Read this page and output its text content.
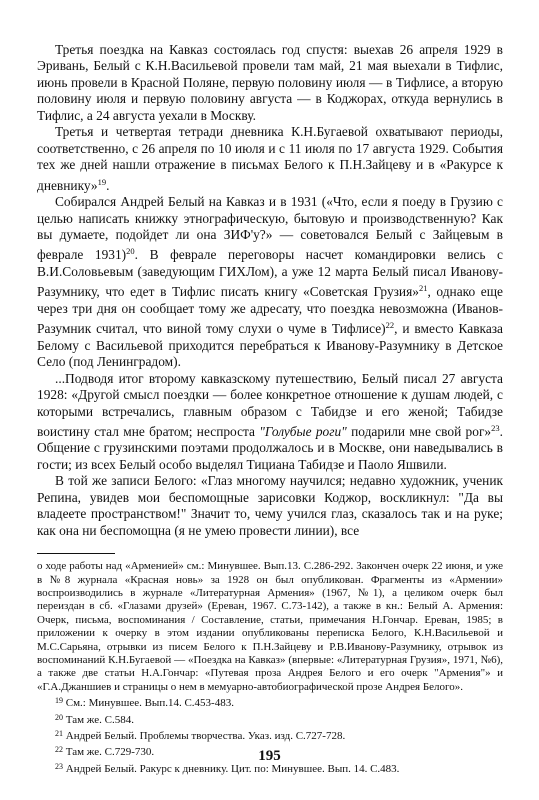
Третья поездка на Кавказ состоялась год спустя: выехав 26 апреля 1929 в Эривань, Белый с К.Н.Васильевой провели там май, 21 мая выехали в Тифлис, июнь провели в Красной Поляне, первую половину июля — в Тифлисе, а вторую половину июля и первую половину августа — в Коджорах, откуда вернулись в Тифлис, а 24 августа уехали в Москву.

Третья и четвертая тетради дневника К.Н.Бугаевой охватывают периоды, соответственно, с 26 апреля по 10 июля и с 11 июля по 17 августа 1929. События тех же дней нашли отражение в письмах Белого к П.Н.Зайцеву и в «Ракурсе к дневнику»$^{19}$.

Собирался Андрей Белый на Кавказ и в 1931 («Что, если я поеду в Грузию с целью написать книжку этнографическую, бытовую и производственную? Как вы думаете, подойдет ли она ЗИФ'у?» — советовался Белый с Зайцевым в феврале 1931)$^{20}$. В феврале переговоры насчет командировки велись с В.И.Соловьевым (заведующим ГИХЛом), а уже 12 марта Белый писал Иванову-Разумнику, что едет в Тифлис писать книгу «Советская Грузия»$^{21}$, однако еще через три дня он сообщает тому же адресату, что поездка невозможна (Иванов-Разумник считал, что виной тому слухи о чуме в Тифлисе)$^{22}$, и вместо Кавказа Белому с Васильевой приходится перебраться к Иванову-Разумнику в Детское Село (под Ленинградом).

...Подводя итог второму кавказскому путешествию, Белый писал 27 августа 1928: «Другой смысл поездки — более конкретное отношение к душам людей, с которыми встречались, главным образом с Табидзе и его женой; Табидзе воистину стал мне братом; неспроста "Голубые роги" подарили мне свой рог»$^{23}$. Общение с грузинскими поэтами продолжалось и в Москве, они наведывались в гости; из всех Белый особо выделял Тициана Табидзе и Паоло Яшвили.

В той же записи Белого: «Глаз многому научился; недавно художник, ученик Репина, увидев мои беспомощные зарисовки Коджор, воскликнул: "Да вы владеете пространством!" Значит то, чему учился глаз, сказалось так и на руке; как она ни беспомощна (я не умею провести линии), все

о ходе работы над «Арменией» см.: Минувшее. Вып.13. С.286-292. Закончен очерк 22 июня, и уже в №8 журнала «Красная новь» за 1928 он был опубликован. Фрагменты из «Армении» воспроизводились в журнале «Литературная Армения» (1967, №1), а целиком очерк был переиздан в сб. «Глазами друзей» (Ереван, 1967. С.73-142), а также в кн.: Белый А. Армения: Очерк, письма, воспоминания / Составление, статьи, примечания Н.Гончар. Ереван, 1985; в приложении к очерку в этом издании опубликованы переписка Белого, К.Н.Васильевой и М.С.Сарьяна, отрывки из писем Белого к П.Н.Зайцеву и Р.В.Иванову-Разумнику, отрывок из воспоминаний К.Н.Бугаевой — «Поездка на Кавказ» (впервые: «Литературная Грузия», 1971, №6), а также две статьи Н.А.Гончар: «Путевая проза Андрея Белого и его очерк "Армения"» и «Г.А.Джаншиев и страницы о нем в мемуарно-автобиографической прозе Андрея Белого».

$^{19}$ См.: Минувшее. Вып.14. С.453-483.

$^{20}$ Там же. С.584.

$^{21}$ Андрей Белый. Проблемы творчества. Указ. изд. С.727-728.

$^{22}$ Там же. С.729-730.

$^{23}$ Андрей Белый. Ракурс к дневнику. Цит. по: Минувшее. Вып. 14. С.483.

195
